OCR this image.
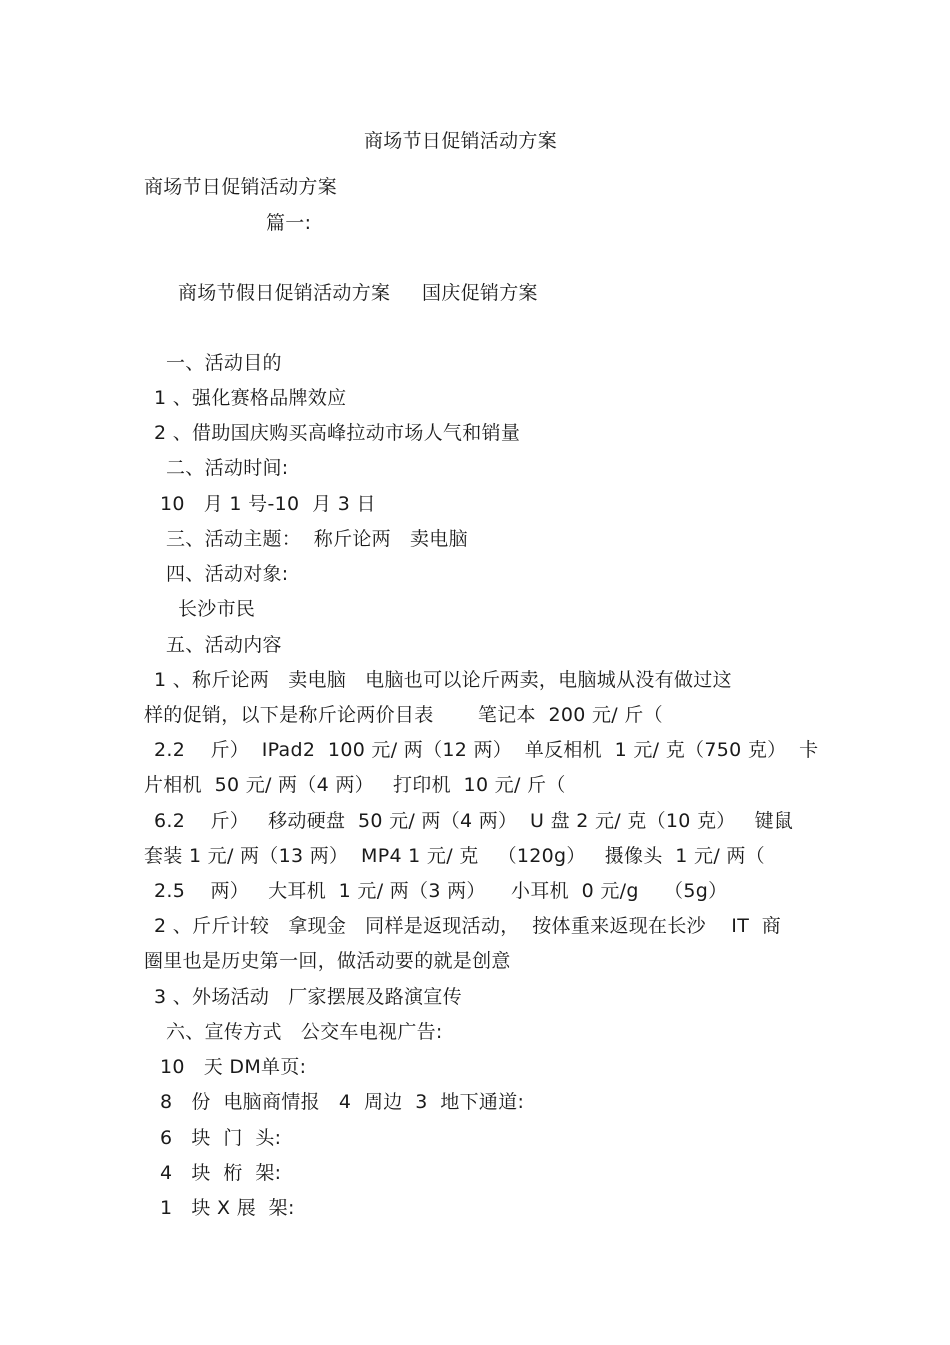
商场节日促销活动方案
商场节日促销活动方案
篇一:
商场节假日促销活动方案     国庆促销方案
一、活动目的
1 、强化赛格品牌效应
2 、借助国庆购买高峰拉动市场人气和销量
二、活动时间:
10   月 1 号-10  月 3 日
三、活动主题：  称斤论两   卖电脑
四、活动对象:
长沙市民
五、活动内容
1 、称斤论两   卖电脑   电脑也可以论斤两卖，电脑城从没有做过这
样的促销，以下是称斤论两价目表       笔记本  200 元/ 斤（
2.2    斤）  IPad2  100 元/ 两（12 两）  单反相机  1 元/ 克（750 克）  卡
片相机  50 元/ 两（4 两）   打印机  10 元/ 斤（
6.2    斤）   移动硬盘  50 元/ 两（4 两）  U 盘 2 元/ 克（10 克）   键鼠
套装 1 元/ 两（13 两）  MP4 1 元/ 克   （120g）   摄像头  1 元/ 两（
2.5    两）   大耳机  1 元/ 两（3 两）    小耳机  0 元/g    （5g）
2 、斤斤计较   拿现金   同样是返现活动，  按体重来返现在长沙    IT  商
圈里也是历史第一回，做活动要的就是创意
3 、外场活动   厂家摆展及路演宣传
六、宣传方式   公交车电视广告:
10   天 DM单页:
8   份  电脑商情报   4  周边  3  地下通道:
6   块  门  头:
4   块  桁  架:
1   块 X 展  架:
